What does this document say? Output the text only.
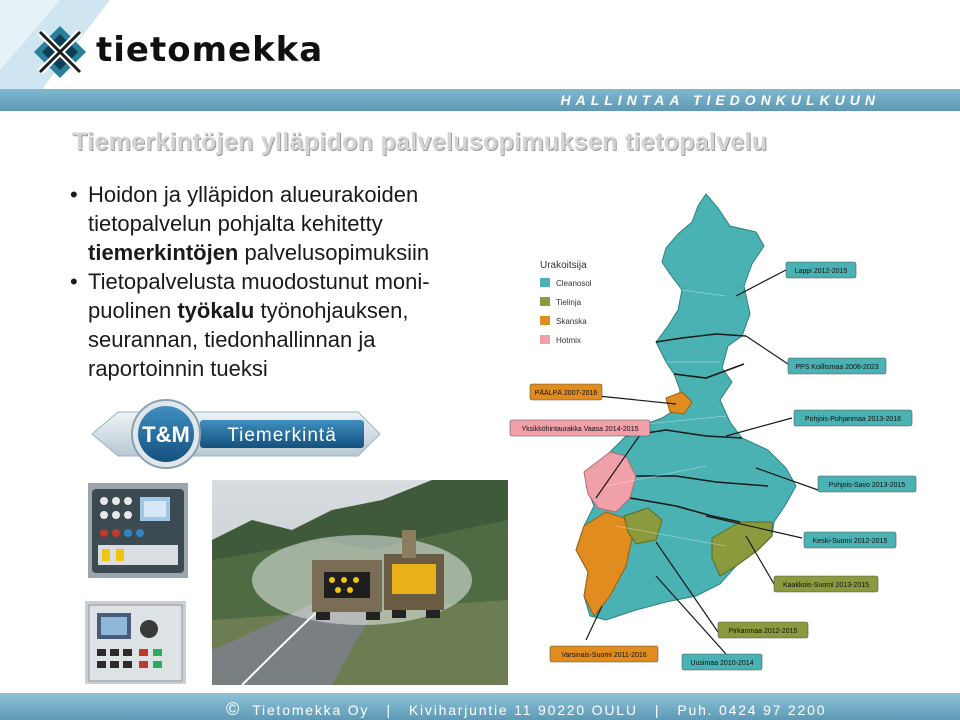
tietomekka
HALLINTAA TIEDONKULKUUN
Tiemerkintöjen ylläpidon palvelusopimuksen tietopalvelu
• Hoidon ja ylläpidon alueurakoiden
tietopalvelun pohjalta kehitetty
tiemerkintöjen palvelusopimuksiin
• Tietopalvelusta muodostunut moni-
puolinen työkalu työnohjauksen,
seurannan, tiedonhallinnan ja
raportoinnin tueksi
T&M Tiemerkintä
Urakoitsija
Cleanosol
Tielinja
Skanska
Hotmix
Lappi 2012-2015
PPS Koillismaa 2008-2023
PÄÄLPÄ 2007-2016
Yksikköhintaurakka Vaasa 2014-2015
Pohjois-Pohjanmaa 2013-2016
Pohjois-Savo 2013-2015
Keski-Suomi 2012-2015
Kaakkois-Suomi 2013-2015
Pirkanmaa 2012-2015
Varsinais-Suomi 2011-2016
Uusimaa 2010-2014
© Tietomekka Oy | Kiviharjuntie 11 90220 OULU | Puh. 0424 97 2200
